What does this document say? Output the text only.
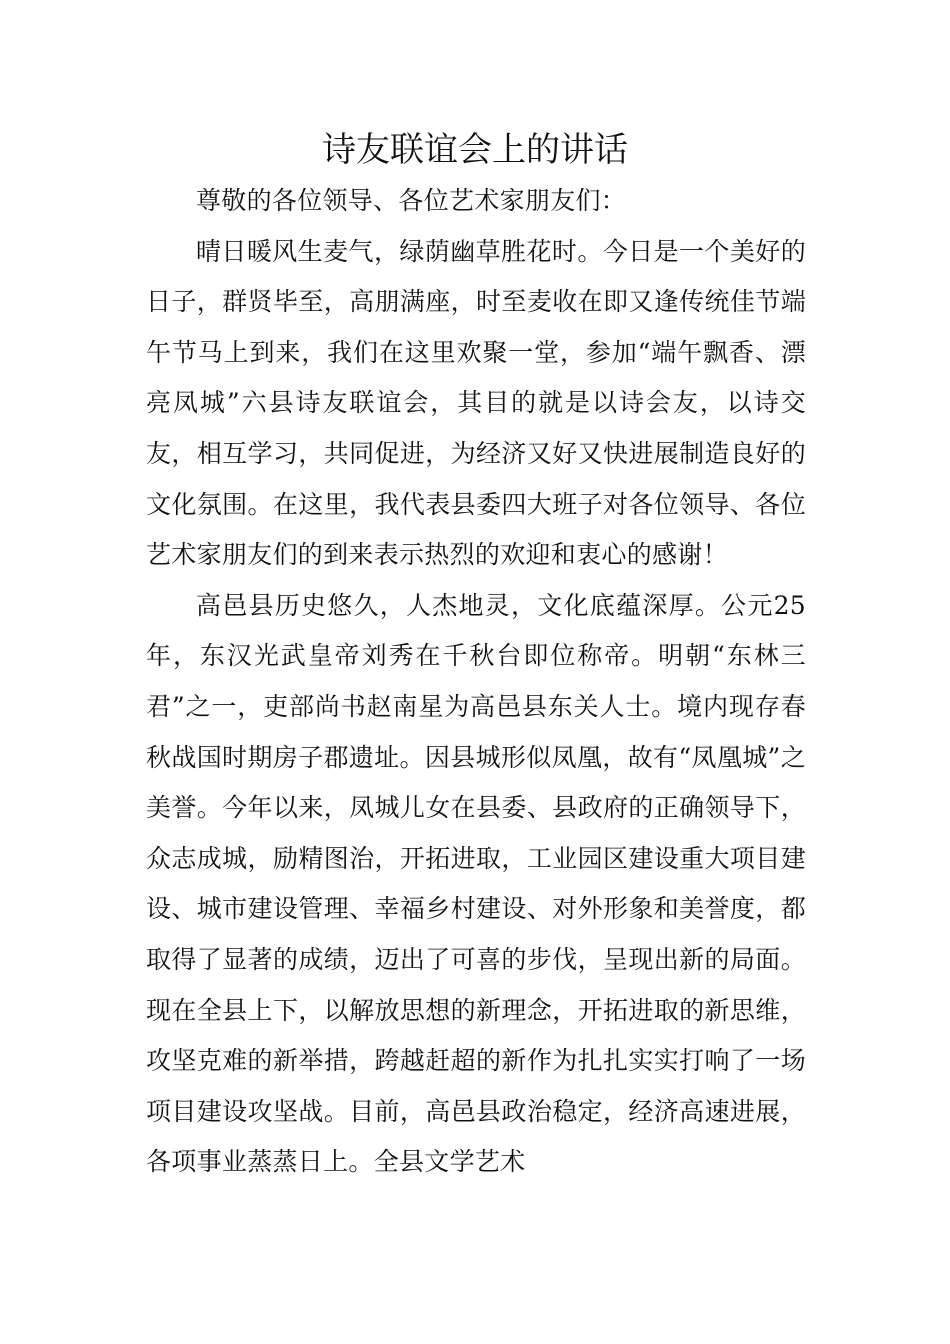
诗友联谊会上的讲话

尊敬的各位领导、各位艺术家朋友们：

晴日暖风生麦气，绿荫幽草胜花时。今日是一个美好的日子，群贤毕至，高朋满座，时至麦收在即又逢传统佳节端午节马上到来，我们在这里欢聚一堂，参加“端午飘香、漂亮凤城”六县诗友联谊会，其目的就是以诗会友，以诗交友，相互学习，共同促进，为经济又好又快进展制造良好的文化氛围。在这里，我代表县委四大班子对各位领导、各位艺术家朋友们的到来表示热烈的欢迎和衷心的感谢！

高邑县历史悠久，人杰地灵，文化底蕴深厚。公元25年，东汉光武皇帝刘秀在千秋台即位称帝。明朝“东林三君”之一，吏部尚书赵南星为高邑县东关人士。境内现存春秋战国时期房子郡遗址。因县城形似凤凰，故有“凤凰城”之美誉。今年以来，凤城儿女在县委、县政府的正确领导下，众志成城，励精图治，开拓进取，工业园区建设重大项目建设、城市建设管理、幸福乡村建设、对外形象和美誉度，都取得了显著的成绩，迈出了可喜的步伐，呈现出新的局面。现在全县上下，以解放思想的新理念，开拓进取的新思维，攻坚克难的新举措，跨越赶超的新作为扎扎实实打响了一场项目建设攻坚战。目前，高邑县政治稳定，经济高速进展，各项事业蒸蒸日上。全县文学艺术
